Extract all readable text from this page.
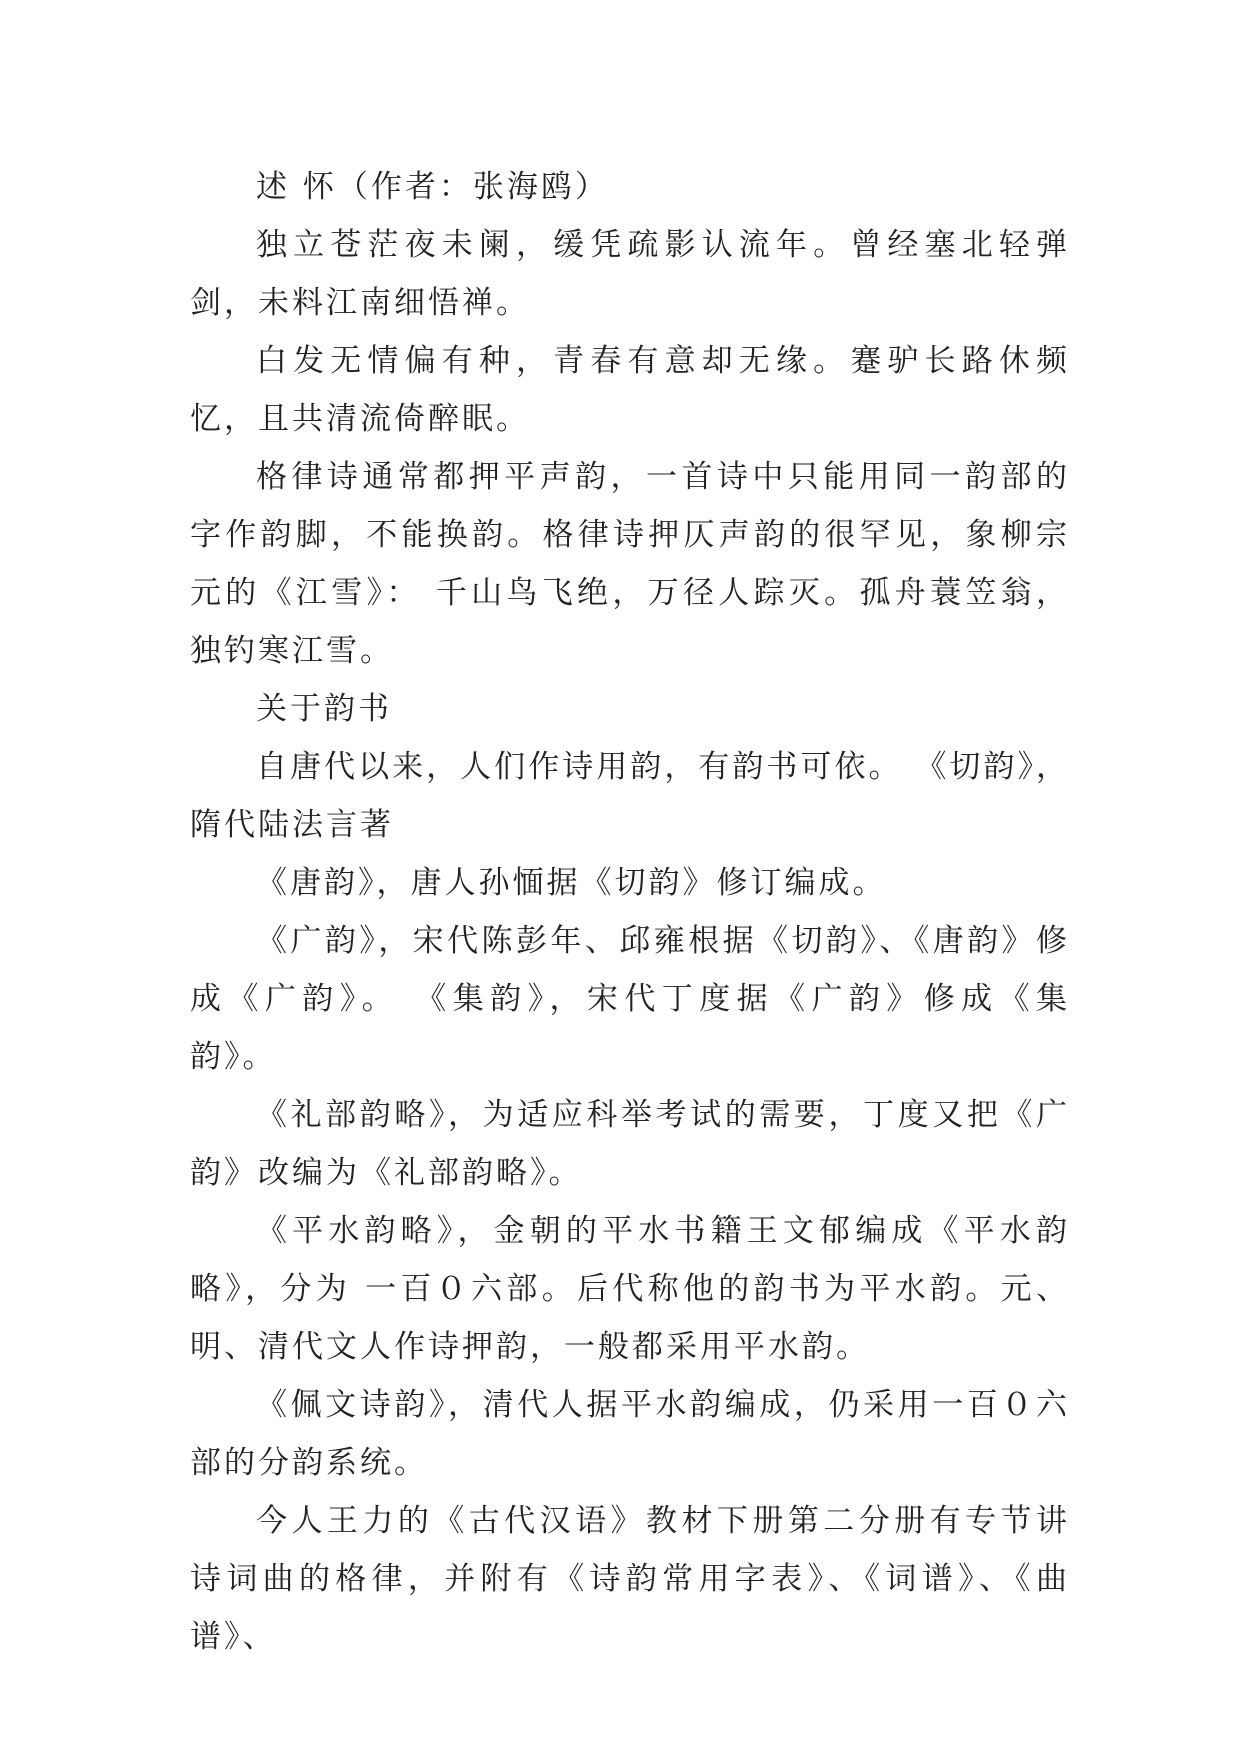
述 怀（作者：张海鸥）

独立苍茫夜未阑，缓凭疏影认流年。曾经塞北轻弹剑，未料江南细悟禅。

白发无情偏有种，青春有意却无缘。蹇驴长路休频忆，且共清流倚醉眠。

格律诗通常都押平声韵，一首诗中只能用同一韵部的字作韵脚，不能换韵。格律诗押仄声韵的很罕见，象柳宗元的《江雪》： 千山鸟飞绝，万径人踪灭。孤舟蓑笠翁，独钓寒江雪。

关于韵书

自唐代以来，人们作诗用韵，有韵书可依。 《切韵》，隋代陆法言著

《唐韵》，唐人孙愐据《切韵》修订编成。

《广韵》，宋代陈彭年、邱雍根据《切韵》、《唐韵》修成《广韵》。 《集韵》，宋代丁度据《广韵》修成《集韵》。

《礼部韵略》，为适应科举考试的需要，丁度又把《广韵》改编为《礼部韵略》。

《平水韵略》，金朝的平水书籍王文郁编成《平水韵略》，分为 一百０六部。后代称他的韵书为平水韵。元、明、清代文人作诗押韵，一般都采用平水韵。

《佩文诗韵》，清代人据平水韵编成，仍采用一百０六部的分韵系统。

今人王力的《古代汉语》教材下册第二分册有专节讲诗词曲的格律，并附有《诗韵常用字表》、《词谱》、《曲谱》、
